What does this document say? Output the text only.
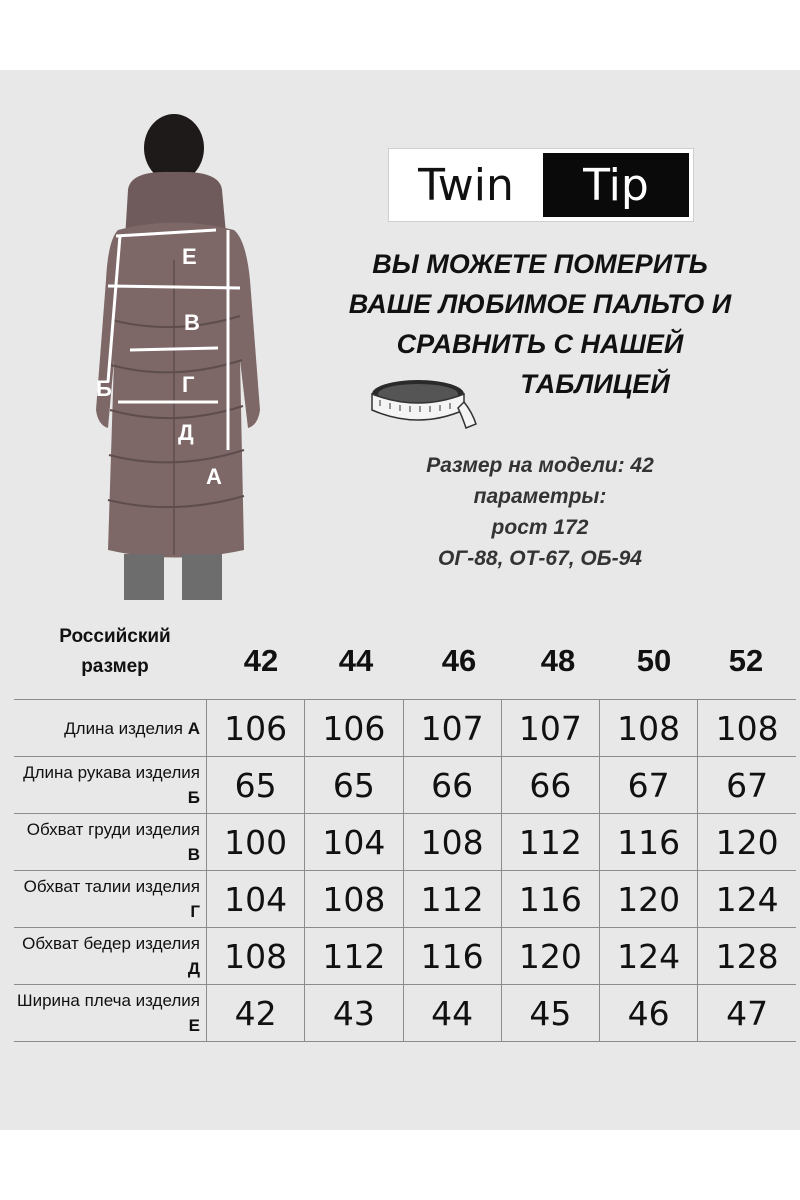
Е
В
Б	Г
Д
А
Twin	Tip
ВЫ МОЖЕТЕ ПОМЕРИТЬ
ВАШЕ ЛЮБИМОЕ ПАЛЬТО И
СРАВНИТЬ С НАШЕЙ
ТАБЛИЦЕЙ
Размер на модели: 42
параметры:
рост 172
ОГ-88, ОТ-67, ОБ-94
Российский размер	42	44	46	48	50	52
Длина изделия А	106	106	107	107	108	108
Длина рукава изделия Б	65	65	66	66	67	67
Обхват груди изделия В	100	104	108	112	116	120
Обхват талии изделия Г	104	108	112	116	120	124
Обхват бедер изделия Д	108	112	116	120	124	128
Ширина плеча изделия Е	42	43	44	45	46	47
